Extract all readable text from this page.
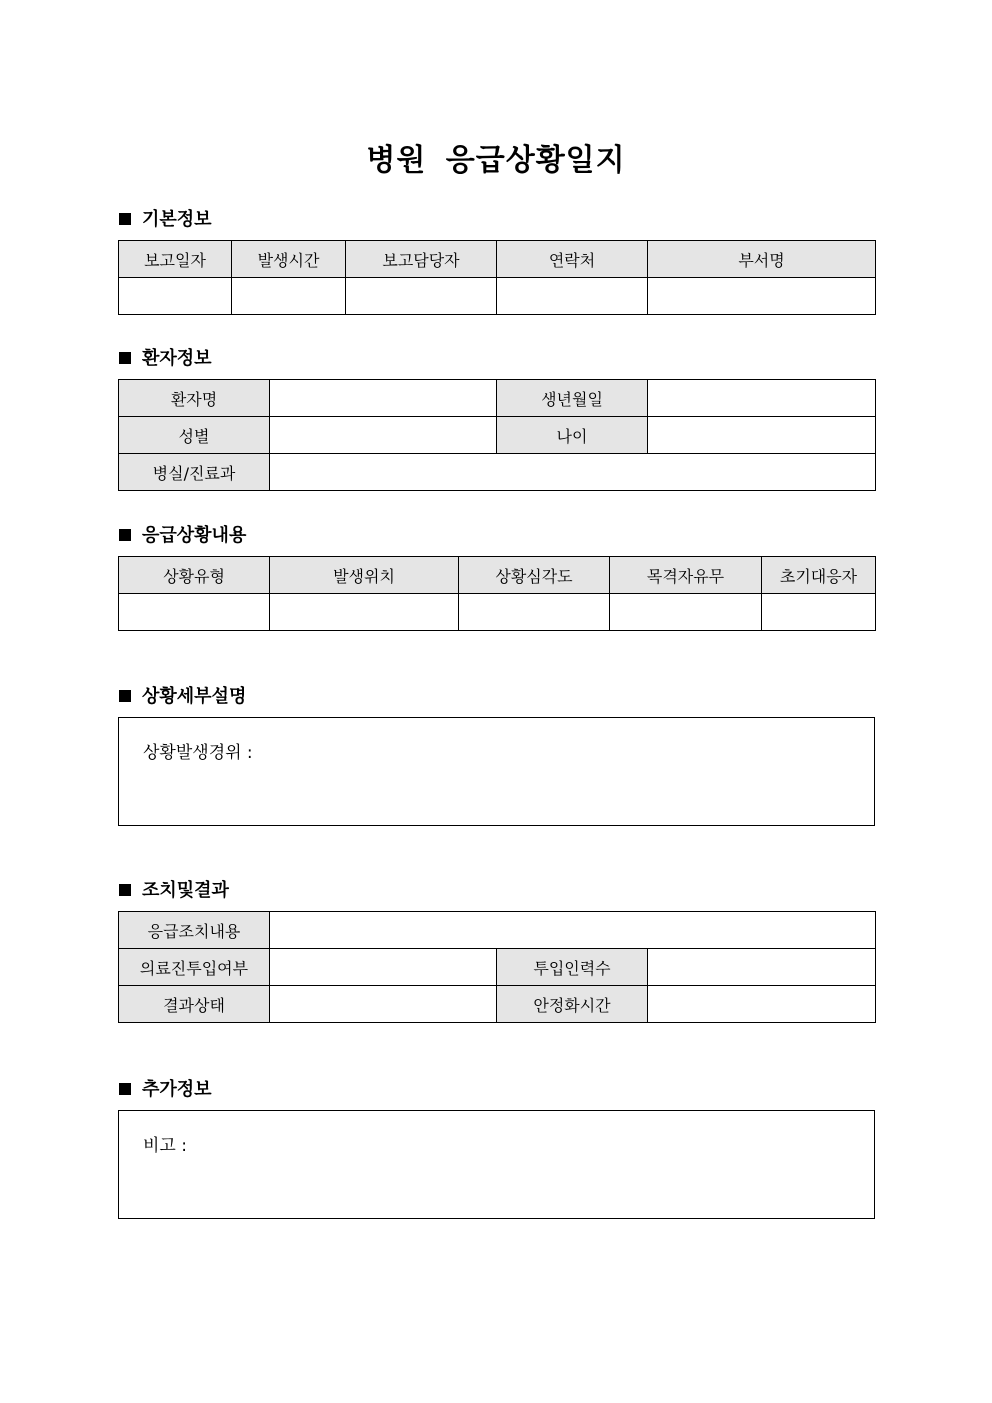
병원 응급상황일지
기본정보
보고일자	발생시간	보고담당자	연락처	부서명

환자정보
환자명		생년월일	
성별		나이	
병실/진료과			
응급상황내용
상황유형	발생위치	상황심각도	목격자유무	초기대응자

상황세부설명
상황발생경위 :
조치및결과
응급조치내용			
의료진투입여부		투입인력수	
결과상태		안정화시간	
추가정보
비고 :
